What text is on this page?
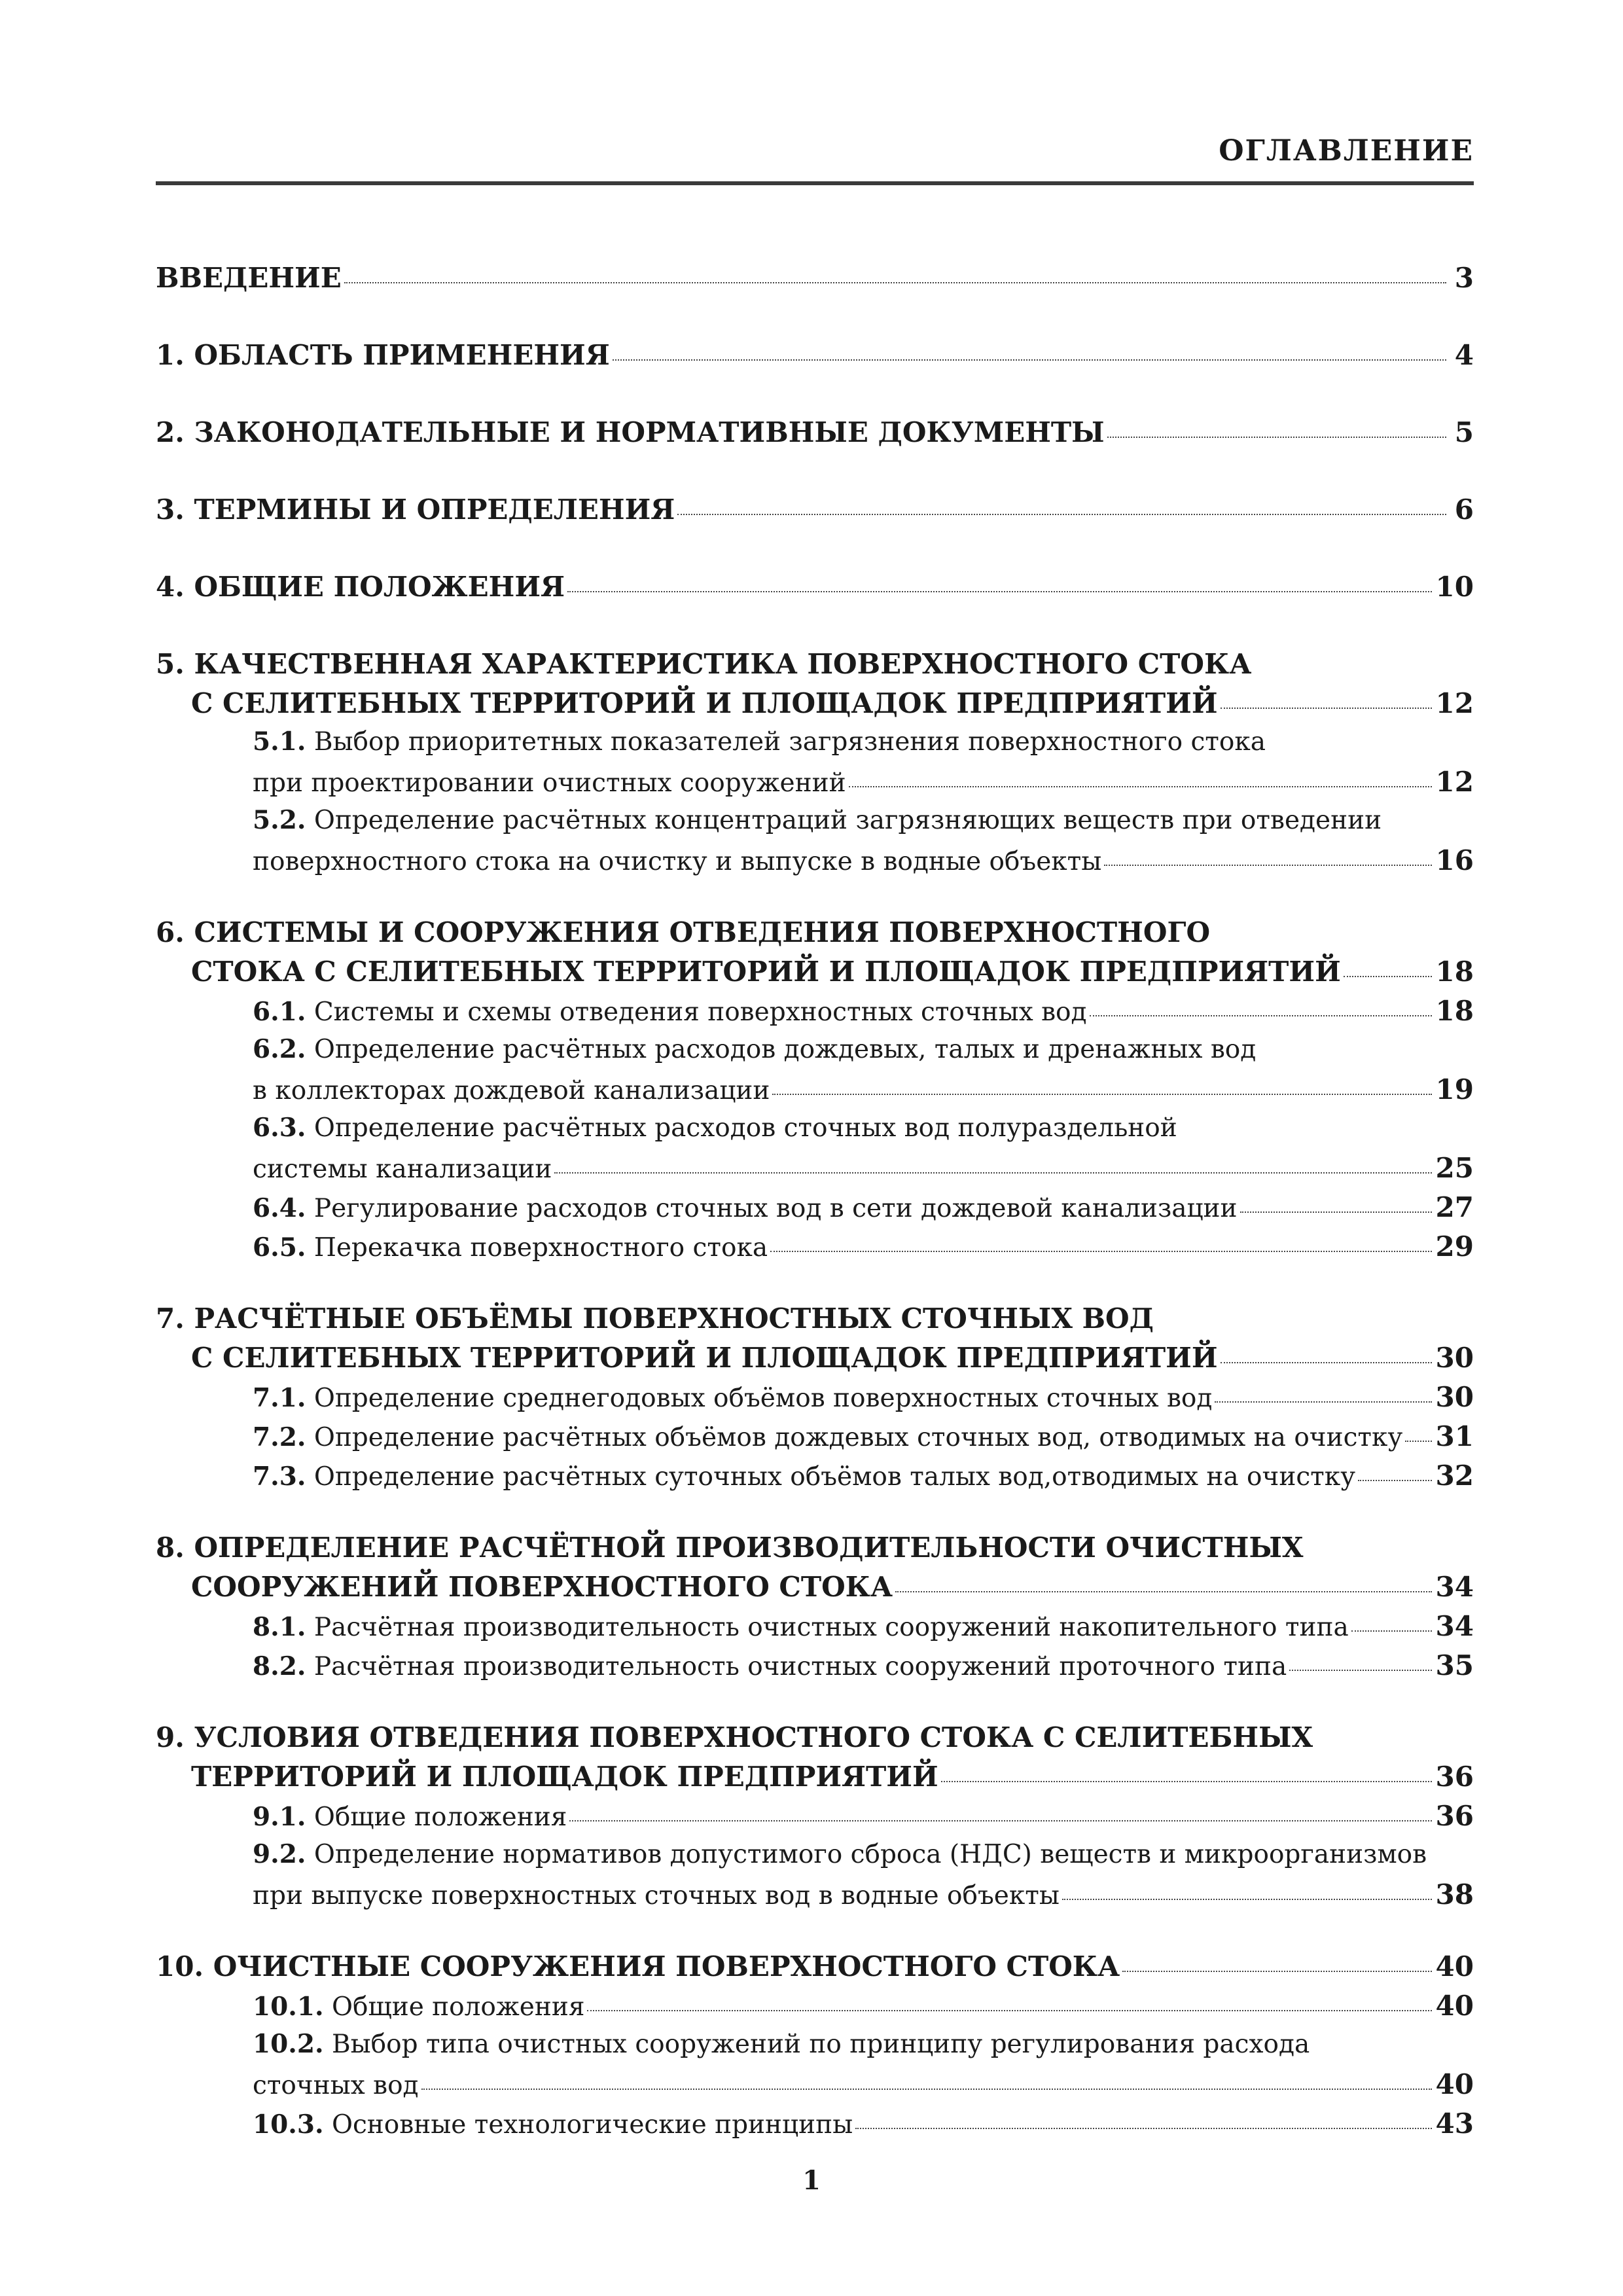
ОГЛАВЛЕНИЕ
ВВЕДЕНИЕ	3
1. ОБЛАСТЬ ПРИМЕНЕНИЯ	4
2. ЗАКОНОДАТЕЛЬНЫЕ И НОРМАТИВНЫЕ ДОКУМЕНТЫ	5
3. ТЕРМИНЫ И ОПРЕДЕЛЕНИЯ	6
4. ОБЩИЕ ПОЛОЖЕНИЯ	10
5. КАЧЕСТВЕННАЯ ХАРАКТЕРИСТИКА ПОВЕРХНОСТНОГО СТОКА
С СЕЛИТЕБНЫХ ТЕРРИТОРИЙ И ПЛОЩАДОК ПРЕДПРИЯТИЙ	12
5.1. Выбор приоритетных показателей загрязнения поверхностного стока
при проектировании очистных сооружений	12
5.2. Определение расчётных концентраций загрязняющих веществ при отведении
поверхностного стока на очистку и выпуске в водные объекты	16
6. СИСТЕМЫ И СООРУЖЕНИЯ ОТВЕДЕНИЯ ПОВЕРХНОСТНОГО
СТОКА С СЕЛИТЕБНЫХ ТЕРРИТОРИЙ И ПЛОЩАДОК ПРЕДПРИЯТИЙ	18
6.1. Системы и схемы отведения поверхностных сточных вод	18
6.2. Определение расчётных расходов дождевых, талых и дренажных вод
в коллекторах дождевой канализации	19
6.3. Определение расчётных расходов сточных вод полураздельной
системы канализации	25
6.4. Регулирование расходов сточных вод в сети дождевой канализации	27
6.5. Перекачка поверхностного стока	29
7. РАСЧЁТНЫЕ ОБЪЁМЫ ПОВЕРХНОСТНЫХ СТОЧНЫХ ВОД
С СЕЛИТЕБНЫХ ТЕРРИТОРИЙ И ПЛОЩАДОК ПРЕДПРИЯТИЙ	30
7.1. Определение среднегодовых объёмов поверхностных сточных вод	30
7.2. Определение расчётных объёмов дождевых сточных вод, отводимых на очистку 31
7.3. Определение расчётных суточных объёмов талых вод,отводимых на очистку	32
8. ОПРЕДЕЛЕНИЕ РАСЧЁТНОЙ ПРОИЗВОДИТЕЛЬНОСТИ ОЧИСТНЫХ
СООРУЖЕНИЙ ПОВЕРХНОСТНОГО СТОКА	34
8.1. Расчётная производительность очистных сооружений накопительного типа	34
8.2. Расчётная производительность очистных сооружений проточного типа	35
9. УСЛОВИЯ ОТВЕДЕНИЯ ПОВЕРХНОСТНОГО СТОКА С СЕЛИТЕБНЫХ
ТЕРРИТОРИЙ И ПЛОЩАДОК ПРЕДПРИЯТИЙ	36
9.1. Общие положения	36
9.2. Определение нормативов допустимого сброса (НДС) веществ и микроорганизмов
при выпуске поверхностных сточных вод в водные объекты	38
10. ОЧИСТНЫЕ СООРУЖЕНИЯ ПОВЕРХНОСТНОГО СТОКА	40
10.1. Общие положения	40
10.2. Выбор типа очистных сооружений по принципу регулирования расхода
сточных вод	40
10.3. Основные технологические принципы	43
1
